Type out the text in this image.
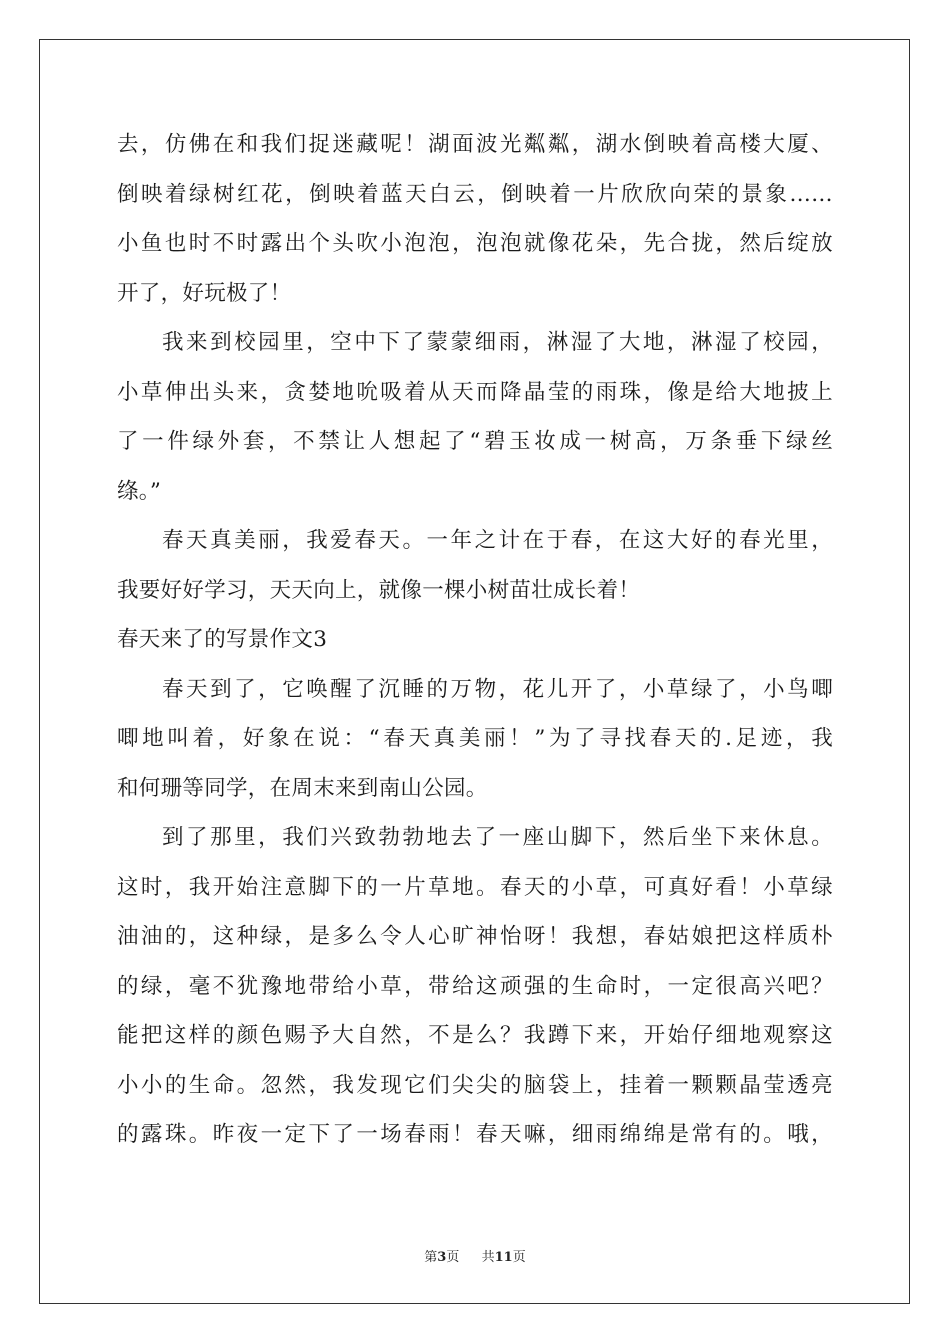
去，仿佛在和我们捉迷藏呢！湖面波光粼粼，湖水倒映着高楼大厦、
倒映着绿树红花，倒映着蓝天白云，倒映着一片欣欣向荣的景象……
小鱼也时不时露出个头吹小泡泡，泡泡就像花朵，先合拢，然后绽放
开了，好玩极了！
我来到校园里，空中下了蒙蒙细雨，淋湿了大地，淋湿了校园，
小草伸出头来，贪婪地吮吸着从天而降晶莹的雨珠，像是给大地披上
了一件绿外套，不禁让人想起了“碧玉妆成一树高，万条垂下绿丝
绦。”
春天真美丽，我爱春天。一年之计在于春，在这大好的春光里，
我要好好学习，天天向上，就像一棵小树苗壮成长着！
春天来了的写景作文3
春天到了，它唤醒了沉睡的万物，花儿开了，小草绿了，小鸟唧
唧地叫着，好象在说：“春天真美丽！”为了寻找春天的.足迹，我
和何珊等同学，在周末来到南山公园。
到了那里，我们兴致勃勃地去了一座山脚下，然后坐下来休息。
这时，我开始注意脚下的一片草地。春天的小草，可真好看！小草绿
油油的，这种绿，是多么令人心旷神怡呀！我想，春姑娘把这样质朴
的绿，毫不犹豫地带给小草，带给这顽强的生命时，一定很高兴吧？
能把这样的颜色赐予大自然，不是么？我蹲下来，开始仔细地观察这
小小的生命。忽然，我发现它们尖尖的脑袋上，挂着一颗颗晶莹透亮
的露珠。昨夜一定下了一场春雨！春天嘛，细雨绵绵是常有的。哦，
第3页 共11页
